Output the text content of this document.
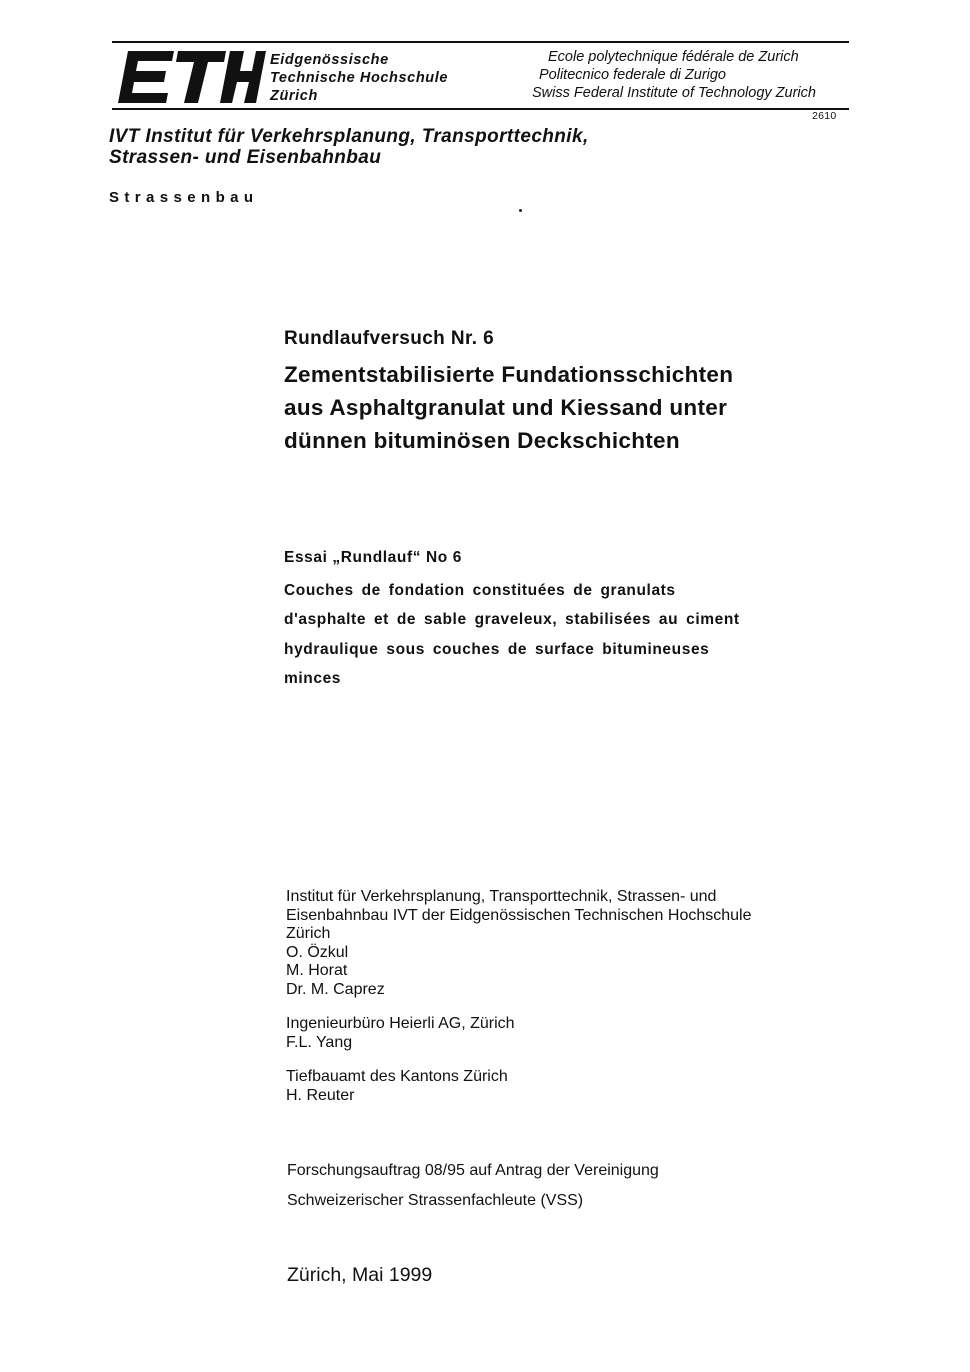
Eidgenössische
Technische Hochschule
Zürich
Ecole polytechnique fédérale de Zurich
Politecnico federale di Zurigo
Swiss Federal Institute of Technology Zurich
2610
IVT Institut für Verkehrsplanung, Transporttechnik,
Strassen- und Eisenbahnbau
Strassenbau
Rundlaufversuch Nr. 6
Zementstabilisierte Fundationsschichten
aus Asphaltgranulat und Kiessand unter
dünnen bituminösen Deckschichten
Essai „Rundlauf“ No 6
Couches de fondation constituées de granulats
d'asphalte et de sable graveleux, stabilisées au ciment
hydraulique sous couches de surface bitumineuses
minces
Institut für Verkehrsplanung, Transporttechnik, Strassen- und
Eisenbahnbau IVT der Eidgenössischen Technischen Hochschule
Zürich
O. Özkul
M. Horat
Dr. M. Caprez
Ingenieurbüro Heierli AG, Zürich
F.L. Yang
Tiefbauamt des Kantons Zürich
H. Reuter
Forschungsauftrag 08/95 auf Antrag der Vereinigung
Schweizerischer Strassenfachleute (VSS)
Zürich, Mai 1999
